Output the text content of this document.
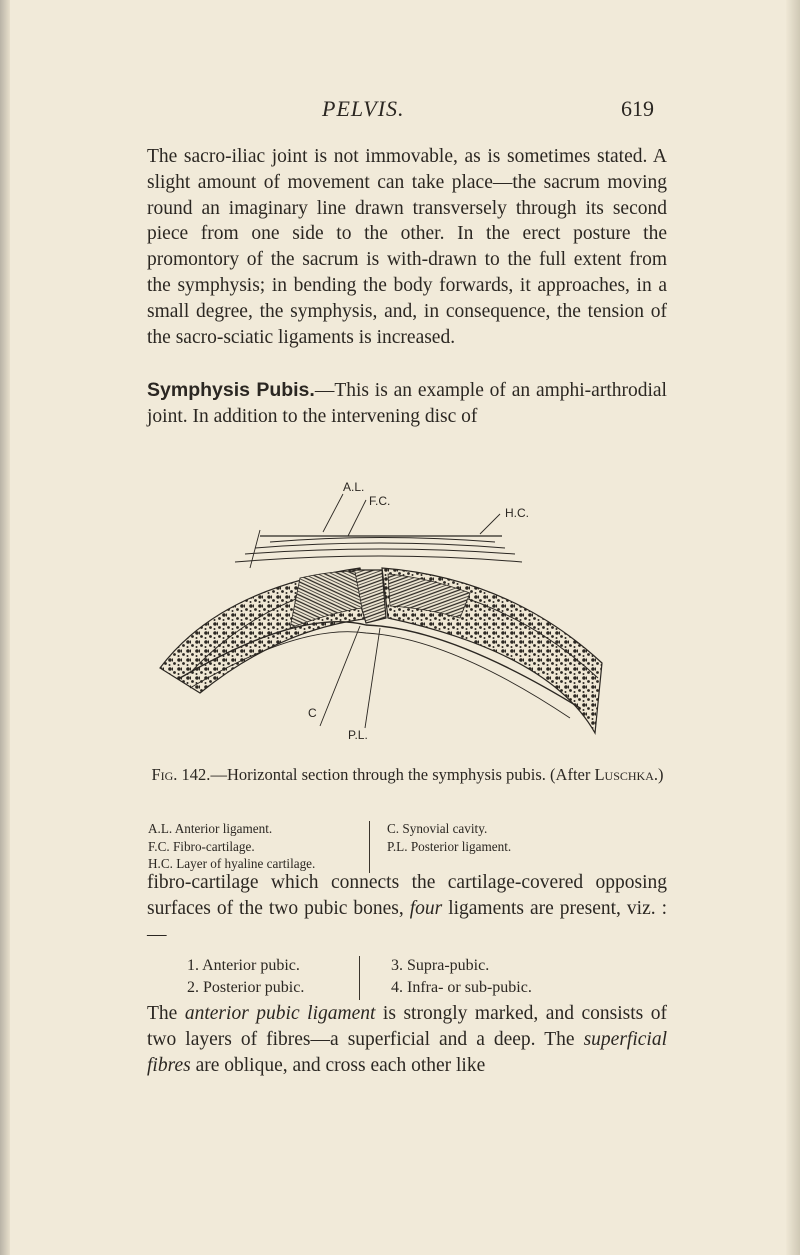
PELVIS.	619

The sacro-iliac joint is not immovable, as is sometimes stated. A slight amount of movement can take place—the sacrum moving round an imaginary line drawn transversely through its second piece from one side to the other. In the erect posture the promontory of the sacrum is with-drawn to the full extent from the symphysis; in bending the body forwards, it approaches, in a small degree, the symphysis, and, in consequence, the tension of the sacro-sciatic ligaments is increased.

Symphysis Pubis.—This is an example of an amphi-arthrodial joint. In addition to the intervening disc of

A.L.
F.C.
H.C.
C
P.L.
Fig. 142.—Horizontal section through the symphysis pubis. (After Luschka.)
A.L. Anterior ligament.
F.C. Fibro-cartilage.
H.C. Layer of hyaline cartilage.
C. Synovial cavity.
P.L. Posterior ligament.

fibro-cartilage which connects the cartilage-covered opposing surfaces of the two pubic bones, four ligaments are present, viz. :—

1. Anterior pubic.
2. Posterior pubic.
3. Supra-pubic.
4. Infra- or sub-pubic.

The anterior pubic ligament is strongly marked, and consists of two layers of fibres—a superficial and a deep. The superficial fibres are oblique, and cross each other like
